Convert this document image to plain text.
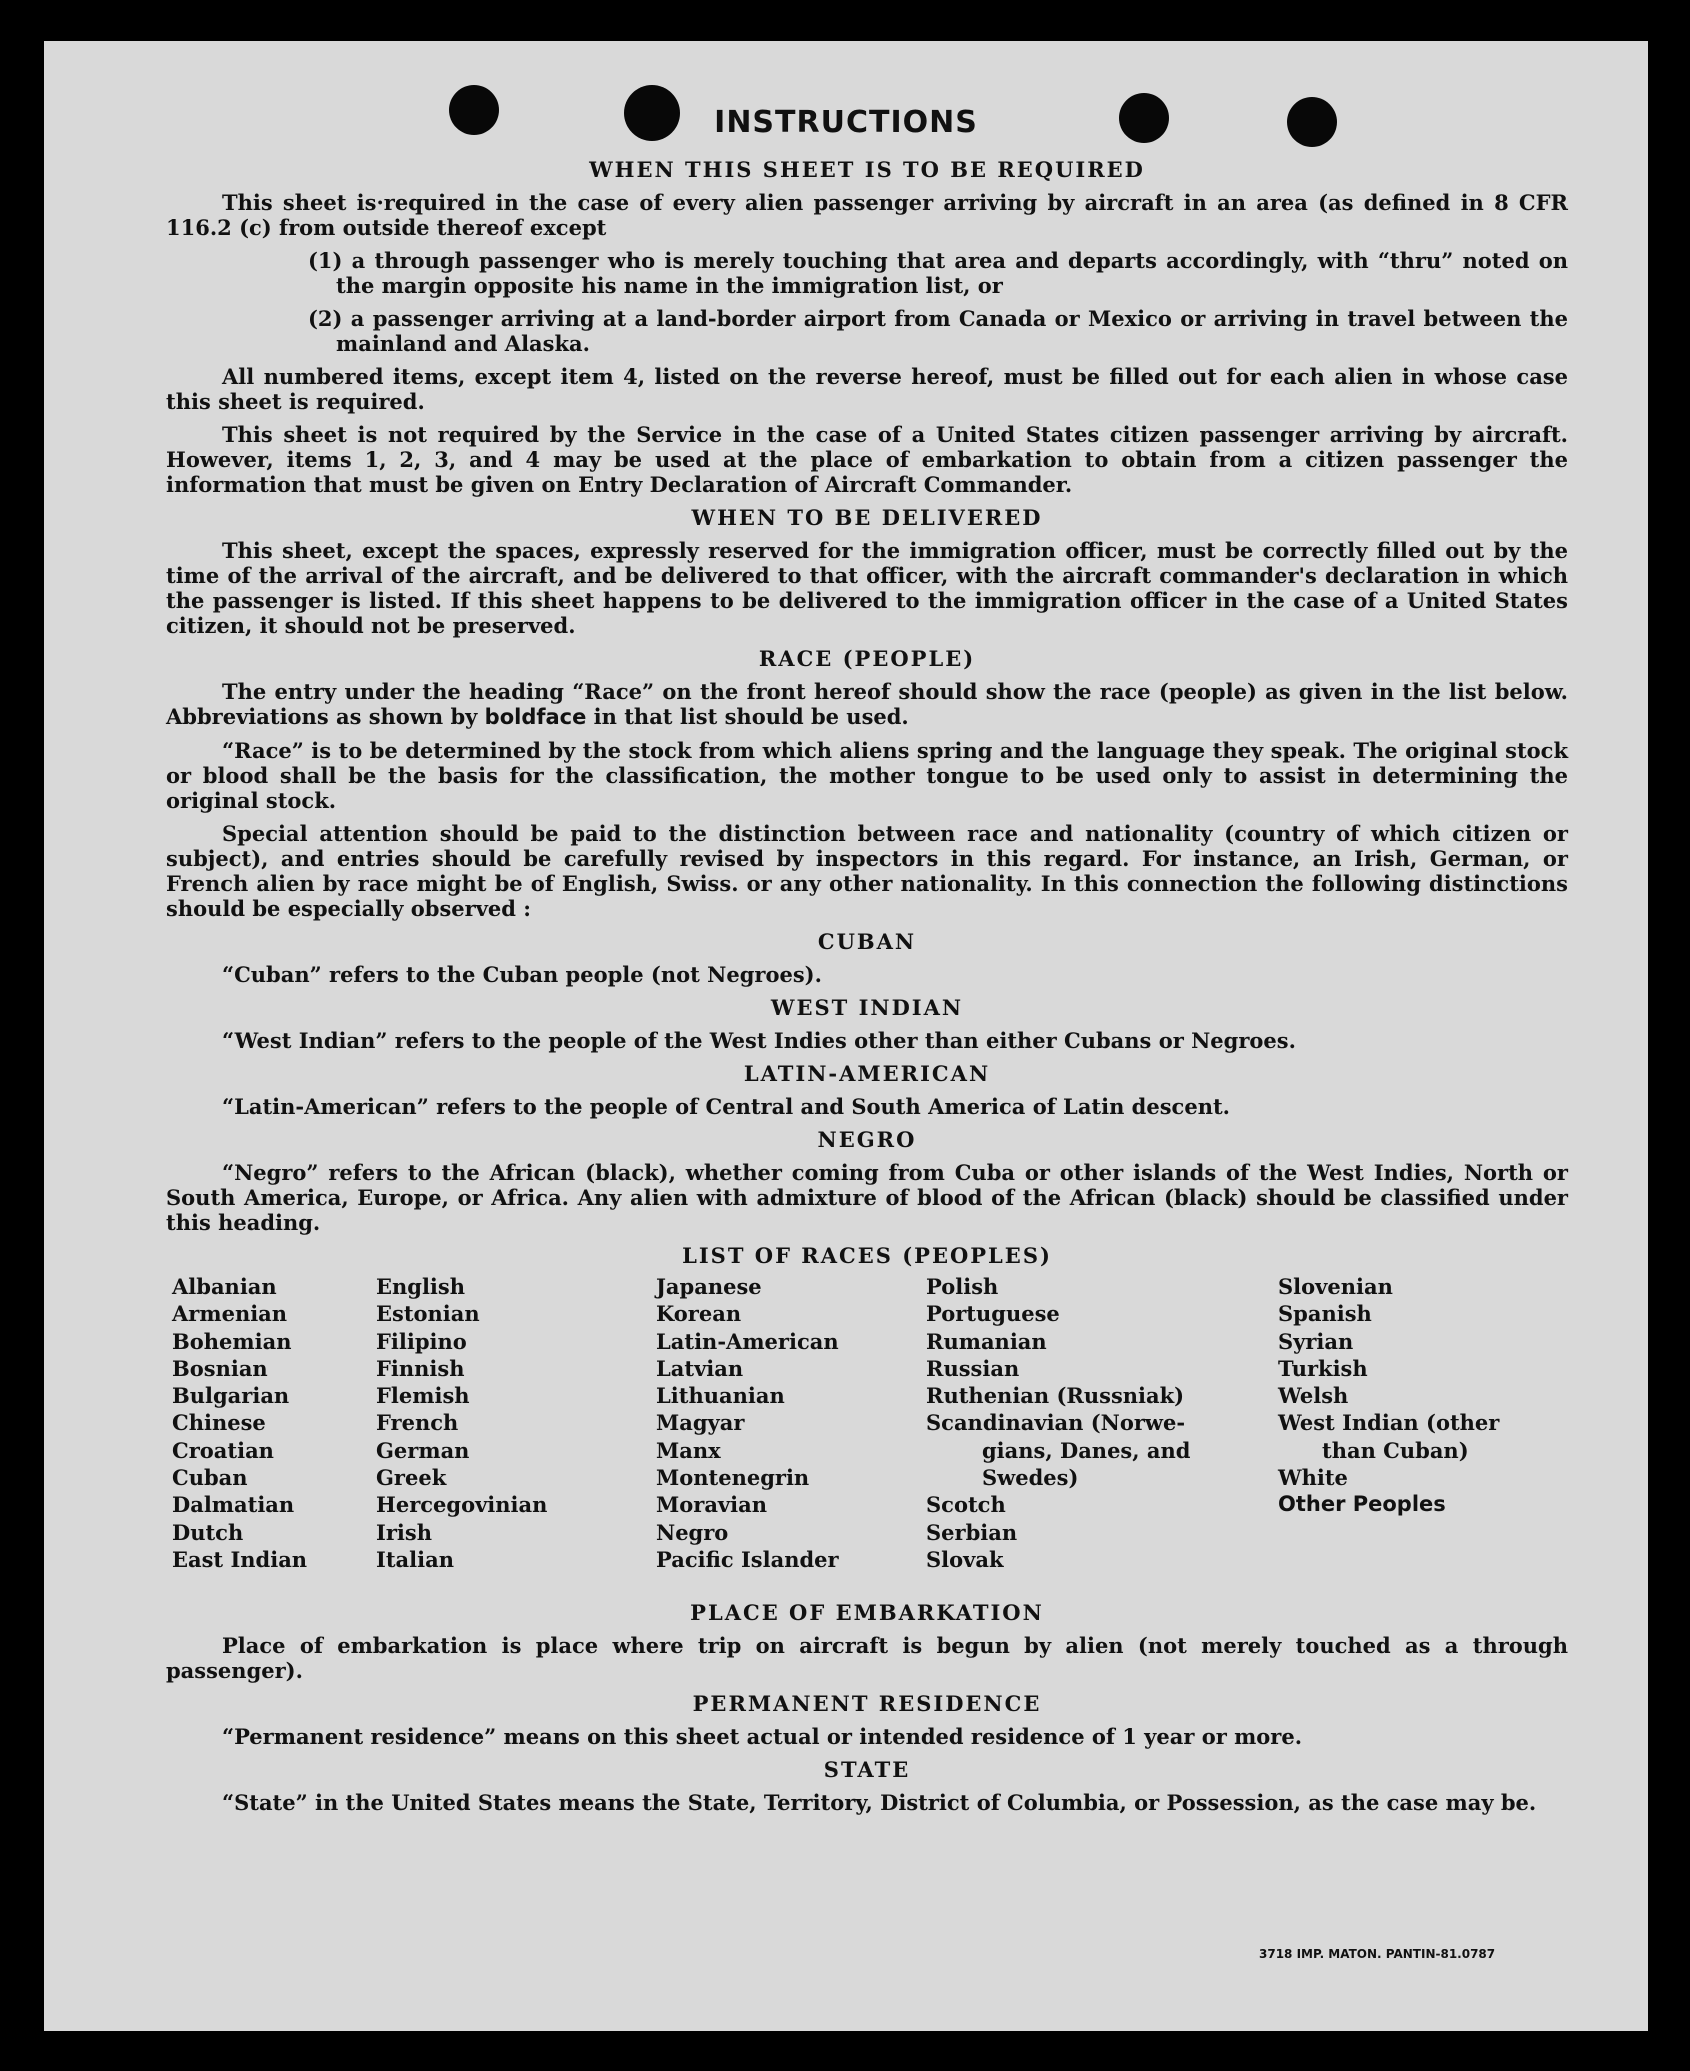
INSTRUCTIONS
WHEN THIS SHEET IS TO BE REQUIRED

This sheet is·required in the case of every alien passenger arriving by aircraft in an area (as defined in 8 CFR 116.2 (c) from outside thereof except

(1) a through passenger who is merely touching that area and departs accordingly, with “thru” noted on the margin opposite his name in the immigration list, or
(2) a passenger arriving at a land-border airport from Canada or Mexico or arriving in travel between the mainland and Alaska.

All numbered items, except item 4, listed on the reverse hereof, must be filled out for each alien in whose case this sheet is required.

This sheet is not required by the Service in the case of a United States citizen passenger arriving by aircraft. However, items 1, 2, 3, and 4 may be used at the place of embarkation to obtain from a citizen passenger the information that must be given on Entry Declaration of Aircraft Commander.

WHEN TO BE DELIVERED

This sheet, except the spaces, expressly reserved for the immigration officer, must be correctly filled out by the time of the arrival of the aircraft, and be delivered to that officer, with the aircraft commander's declaration in which the passenger is listed. If this sheet happens to be delivered to the immigration officer in the case of a United States citizen, it should not be preserved.

RACE (PEOPLE)

The entry under the heading “Race” on the front hereof should show the race (people) as given in the list below. Abbreviations as shown by boldface in that list should be used.

“Race” is to be determined by the stock from which aliens spring and the language they speak. The original stock or blood shall be the basis for the classification, the mother tongue to be used only to assist in determining the original stock.

Special attention should be paid to the distinction between race and nationality (country of which citizen or subject), and entries should be carefully revised by inspectors in this regard. For instance, an Irish, German, or French alien by race might be of English, Swiss. or any other nationality. In this connection the following distinctions should be especially observed :

CUBAN

“Cuban” refers to the Cuban people (not Negroes).

WEST INDIAN

“West Indian” refers to the people of the West Indies other than either Cubans or Negroes.

LATIN-AMERICAN

“Latin-American” refers to the people of Central and South America of Latin descent.

NEGRO

“Negro” refers to the African (black), whether coming from Cuba or other islands of the West Indies, North or South America, Europe, or Africa. Any alien with admixture of blood of the African (black) should be classified under this heading.

LIST OF RACES (PEOPLES)
Albanian
Armenian
Bohemian
Bosnian
Bulgarian
Chinese
Croatian
Cuban
Dalmatian
Dutch
East Indian
English
Estonian
Filipino
Finnish
Flemish
French
German
Greek
Hercegovinian
Irish
Italian
Japanese
Korean
Latin-American
Latvian
Lithuanian
Magyar
Manx
Montenegrin
Moravian
Negro
Pacific Islander
Polish
Portuguese
Rumanian
Russian
Ruthenian (Russniak)
Scandinavian (Norwe-
gians, Danes, and
Swedes)
Scotch
Serbian
Slovak
Slovenian
Spanish
Syrian
Turkish
Welsh
West Indian (other
than Cuban)
White
Other Peoples
PLACE OF EMBARKATION

Place of embarkation is place where trip on aircraft is begun by alien (not merely touched as a through passenger).

PERMANENT RESIDENCE

“Permanent residence” means on this sheet actual or intended residence of 1 year or more.

STATE

“State” in the United States means the State, Territory, District of Columbia, or Possession, as the case may be.

3718 IMP. MATON. PANTIN-81.0787
